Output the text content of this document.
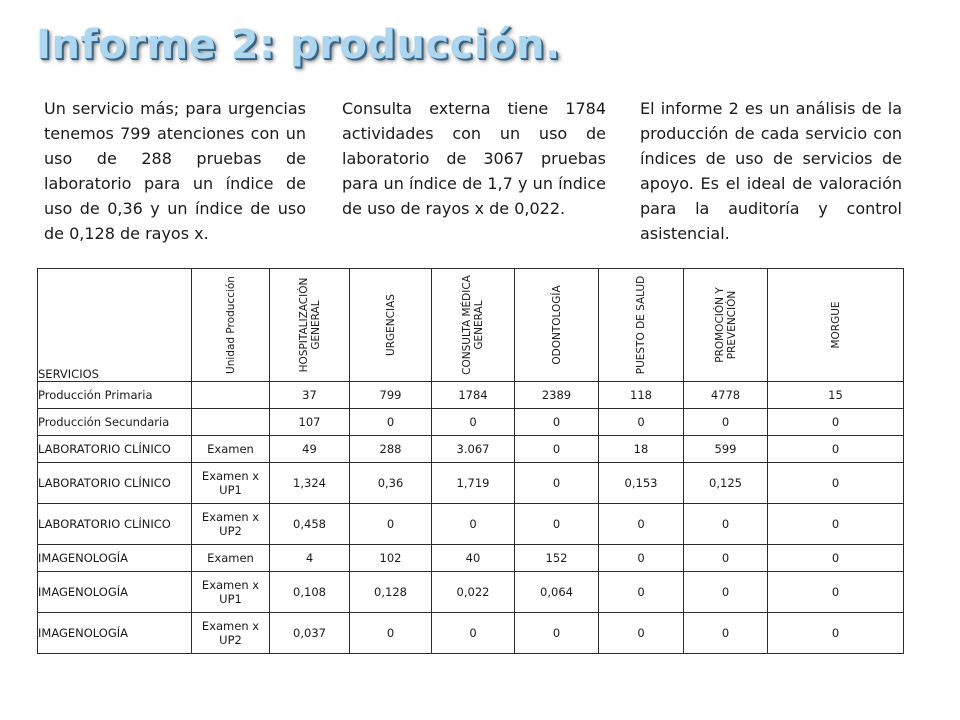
Informe 2: producción.

Un servicio más; para urgencias tenemos 799 atenciones con un uso de 288 pruebas de laboratorio para un índice de uso de 0,36 y un índice de uso de 0,128 de rayos x.

Consulta externa tiene 1784 actividades con un uso de laboratorio de 3067 pruebas para un índice de 1,7 y un índice de uso de rayos x de 0,022.

El informe 2 es un análisis de la producción de cada servicio con índices de uso de servicios de apoyo. Es el ideal de valoración para la auditoría y control asistencial.

SERVICIOS	Unidad Producción	HOSPITALIZACIÓN GENERAL	URGENCIAS	CONSULTA MÉDICA GENERAL	ODONTOLOGÍA	PUESTO DE SALUD	PROMOCIÓN Y PREVENCIÓN	MORGUE

Producción Primaria		37	799	1784	2389	118	4778	15
Producción Secundaria		107	0	0	0	0	0	0
LABORATORIO CLÍNICO	Examen	49	288	3.067	0	18	599	0
LABORATORIO CLÍNICO	Examen x UP1	1,324	0,36	1,719	0	0,153	0,125	0
LABORATORIO CLÍNICO	Examen x UP2	0,458	0	0	0	0	0	0
IMAGENOLOGÍA	Examen	4	102	40	152	0	0	0
IMAGENOLOGÍA	Examen x UP1	0,108	0,128	0,022	0,064	0	0	0
IMAGENOLOGÍA	Examen x UP2	0,037	0	0	0	0	0	0
